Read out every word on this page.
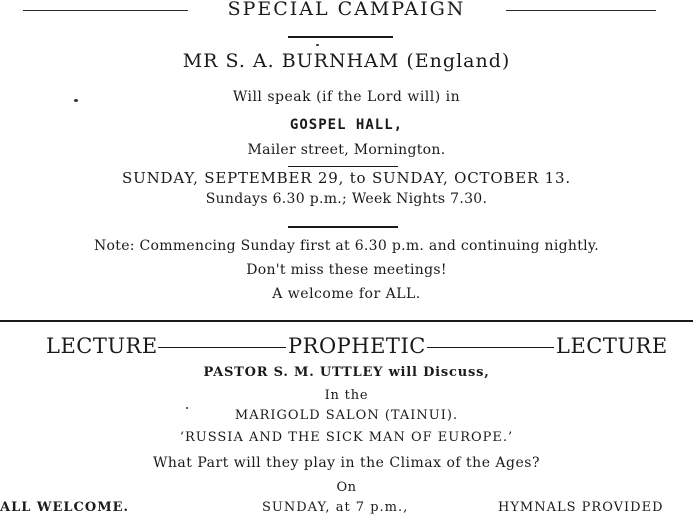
SPECIAL CAMPAIGN
MR S. A. BURNHAM (England)
Will speak (if the Lord will) in
GOSPEL HALL,
Mailer street, Mornington.
SUNDAY, SEPTEMBER 29, to SUNDAY, OCTOBER 13.
Sundays 6.30 p.m.; Week Nights 7.30.
Note: Commencing Sunday first at 6.30 p.m. and continuing nightly.
Don't miss these meetings!
A welcome for ALL.
LECTURE	PROPHETIC	LECTURE
PASTOR S. M. UTTLEY will Discuss,
In the
MARIGOLD SALON (TAINUI).
‘RUSSIA AND THE SICK MAN OF EUROPE.’
What Part will they play in the Climax of the Ages?
On
ALL WELCOME.	SUNDAY, at 7 p.m.,	HYMNALS PROVIDED
